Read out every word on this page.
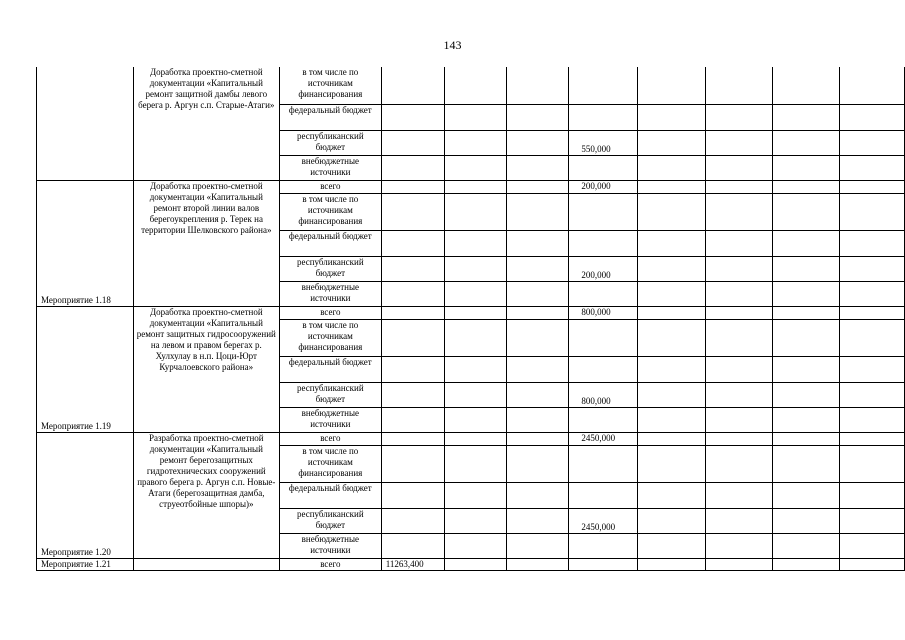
143
	Доработка проектно-сметной документации «Капитальный ремонт защитной дамбы левого берега р. Аргун с.п. Старые-Атаги»	в том числе по источникам финансирования								
		федеральный бюджет								
		республиканский бюджет				550,000				
		внебюджетные источники								
Мероприятие 1.18	Доработка проектно-сметной документации «Капитальный ремонт второй линии валов берегоукрепления р. Терек на территории Шелковского района»	всего				200,000				
		в том числе по источникам финансирования								
		федеральный бюджет								
		республиканский бюджет				200,000				
		внебюджетные источники								
Мероприятие 1.19	Доработка проектно-сметной документации «Капитальный ремонт защитных гидросооружений на левом и правом берегах р. Хулхулау в н.п. Цоци-Юрт Курчалоевского района»	всего				800,000				
		в том числе по источникам финансирования								
		федеральный бюджет								
		республиканский бюджет				800,000				
		внебюджетные источники								
Мероприятие 1.20	Разработка проектно-сметной документации «Капитальный ремонт берегозащитных гидротехнических сооружений правого берега р. Аргун с.п. Новые-Атаги (берегозащитная дамба, струеотбойные шпоры)»	всего				2450,000				
		в том числе по источникам финансирования								
		федеральный бюджет								
		республиканский бюджет				2450,000				
		внебюджетные источники								
Мероприятие 1.21		всего	11263,400							
